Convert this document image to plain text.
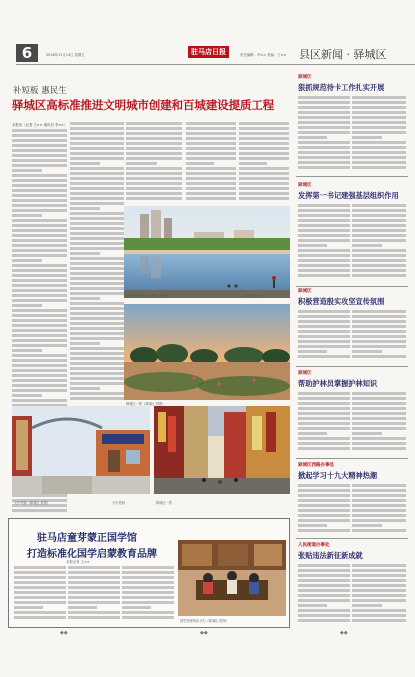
6	2018年11月13日 星期五	驻马店日报	责任编辑：李×× 美编：王×× 县区新闻 · 驿城区
补短板 惠民生
驿城区高标准推进文明城市创建和百城建设提质工程
本报讯（记者 王×× 通讯员 李××）
水城公园一角（驿城区 供图）	水城公园一角
驿城区一景（驿城区 供图）
天中老街（驿城区 供图）	天中老街	驿城区一景
驿城区
狠抓规范待卡工作扎实开展
驿城区
发挥第一书记建强基层组织作用
驿城区
积极营造殷实攻坚宣传氛围
驿城区
帮助护林员掌握护林知识
驿城区西路办事处
掀起学习十九大精神热潮
人民街道办事处
张贴违法新征新成就
驻马店童芽蒙正国学馆
打造标准化国学启蒙教育品牌
本报记者 王××
国学馆里的孩子们（驿城区 供图）
◆◆	◆◆	◆◆
